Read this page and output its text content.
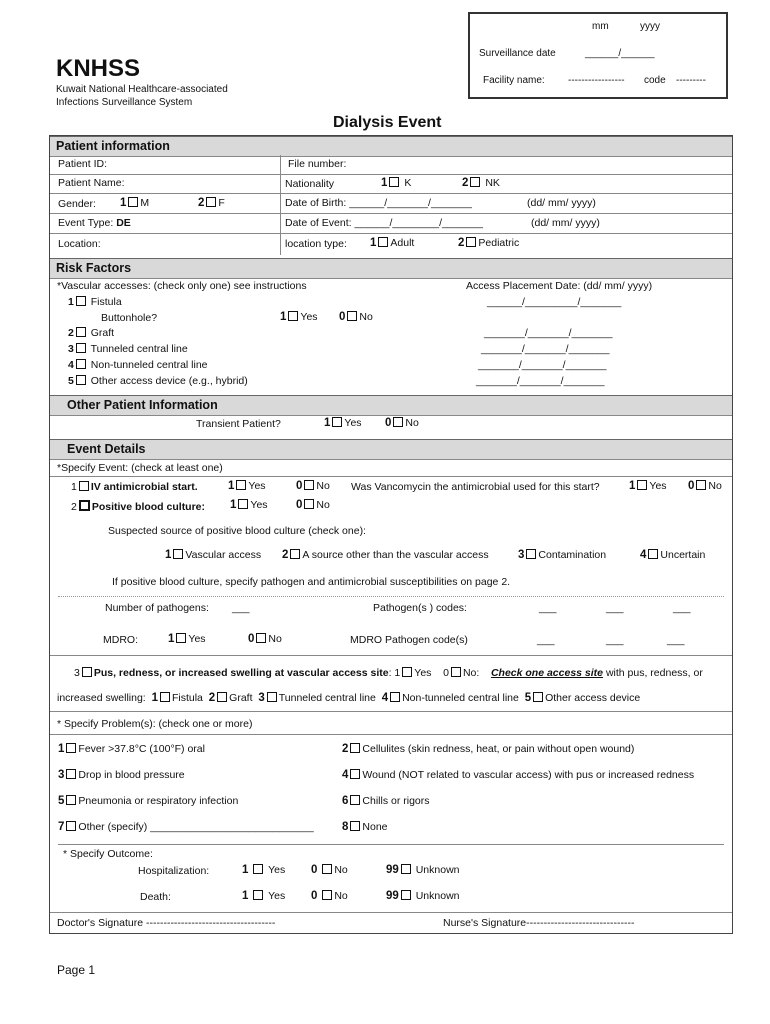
mm	yyyy
Surveillance date	______/______
Facility name: ----------------- code ---------
KNHSS
Kuwait National Healthcare-associated
Infections Surveillance System
Dialysis Event
Patient information
Patient ID:	File number:
Patient Name:	Nationality	1 K	2 NK
Gender: 1 M	2 F	Date of Birth: ______/_______/_______	(dd/ mm/ yyyy)
Event Type: DE	Date of Event: ______/________/_______	(dd/ mm/ yyyy)
Location:	location type: 1 Adult	2 Pediatric
Risk Factors
*Vascular accesses: (check only one) see instructions	Access Placement Date: (dd/ mm/ yyyy)
1 Fistula	______/_________/_______
Buttonhole?	1 Yes 0 No
2 Graft	_______/_______/_______
3 Tunneled central line	_______/_______/_______
4 Non-tunneled central line	_______/_______/_______
5 Other access device (e.g., hybrid)	_______/_______/_______
Other Patient Information
Transient Patient?	1 Yes 0 No
Event Details
*Specify Event: (check at least one)
1 IV antimicrobial start.	1 Yes	0 No Was Vancomycin the antimicrobial used for this start?	1 Yes 0 No
2 Positive blood culture: 1 Yes 0 No
Suspected source of positive blood culture (check one):
1 Vascular access 2 A source other than the vascular access	3 Contamination	4 Uncertain
If positive blood culture, specify pathogen and antimicrobial susceptibilities on page 2.
Number of pathogens: ___	Pathogen(s ) codes:	___	___	___
MDRO:	1 Yes	0 No	MDRO Pathogen code(s)	___	___	___
3 Pus, redness, or increased swelling at vascular access site: 1 Yes 0 No: Check one access site with pus, redness, or
increased swelling: 1 Fistula 2 Graft 3 Tunneled central line 4 Non-tunneled central line 5 Other access device
* Specify Problem(s): (check one or more)
1 Fever >37.8°C (100°F) oral	2 Cellulites (skin redness, heat, or pain without open wound)
3 Drop in blood pressure	4 Wound (NOT related to vascular access) with pus or increased redness
5 Pneumonia or respiratory infection	6 Chills or rigors
7 Other (specify) ____________________________ 8 None
* Specify Outcome:
Hospitalization:	1 Yes 0 No	99 Unknown
Death:	1 Yes 0 No	99 Unknown
Doctor's Signature -------------------------------------	Nurse's Signature-------------------------------
Page 1
